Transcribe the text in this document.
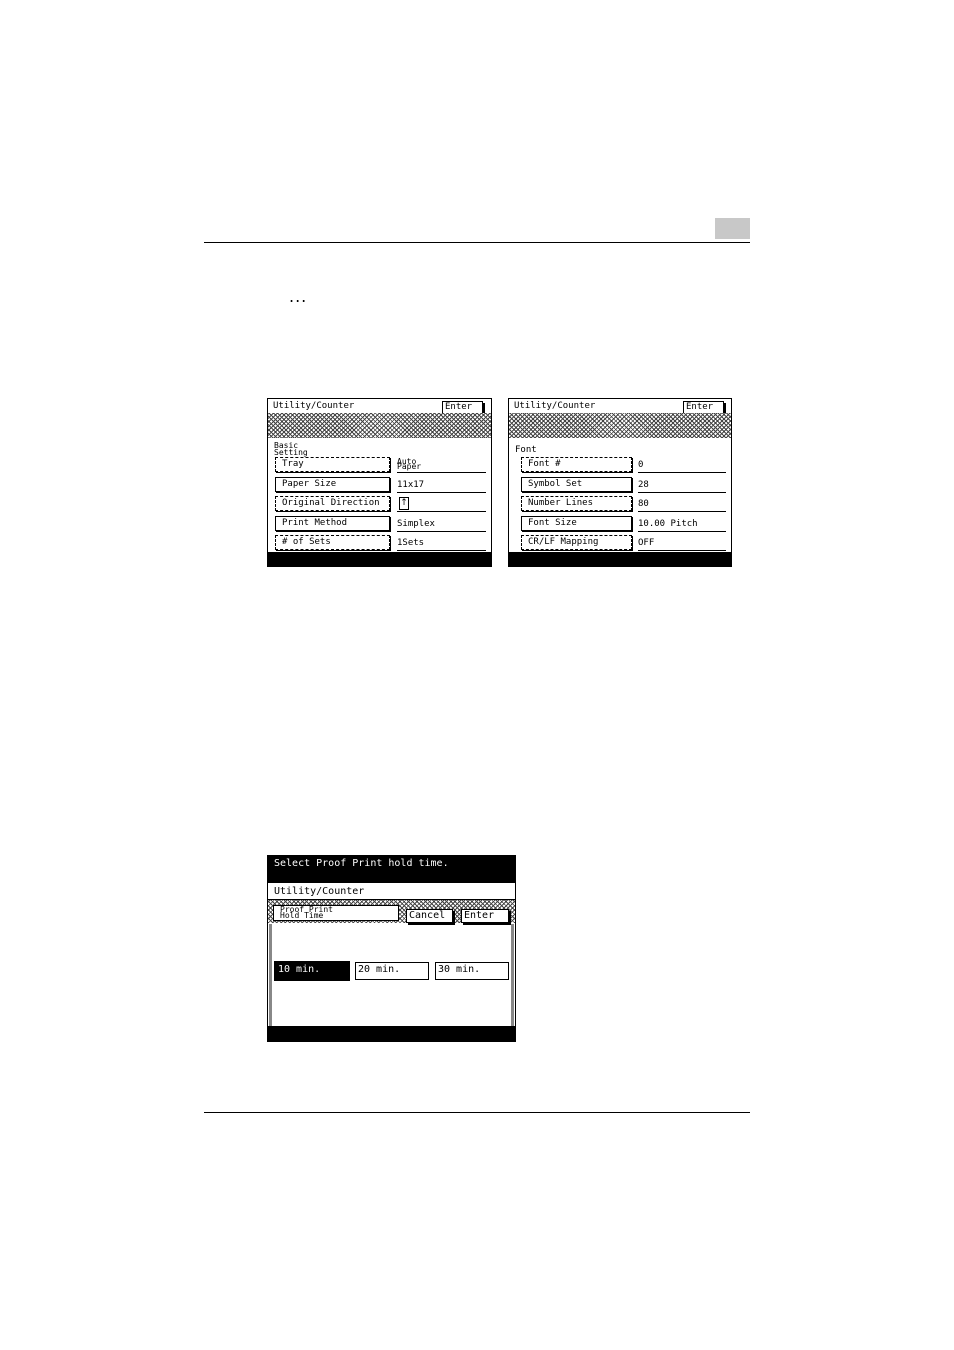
...
Utility/Counter	Enter
Basic
Setting
Tray	Auto
Paper
Paper Size	11x17
Original Direction	↑
Print Method	Simplex
# of Sets	1Sets
Utility/Counter	Enter
Font
Font #	0
Symbol Set	28
Number Lines	80
Font Size	10.00 Pitch
CR/LF Mapping	OFF
Select Proof Print hold time.
Utility/Counter
Proof Print
Hold Time	Cancel	Enter
10 min.	20 min.	30 min.
